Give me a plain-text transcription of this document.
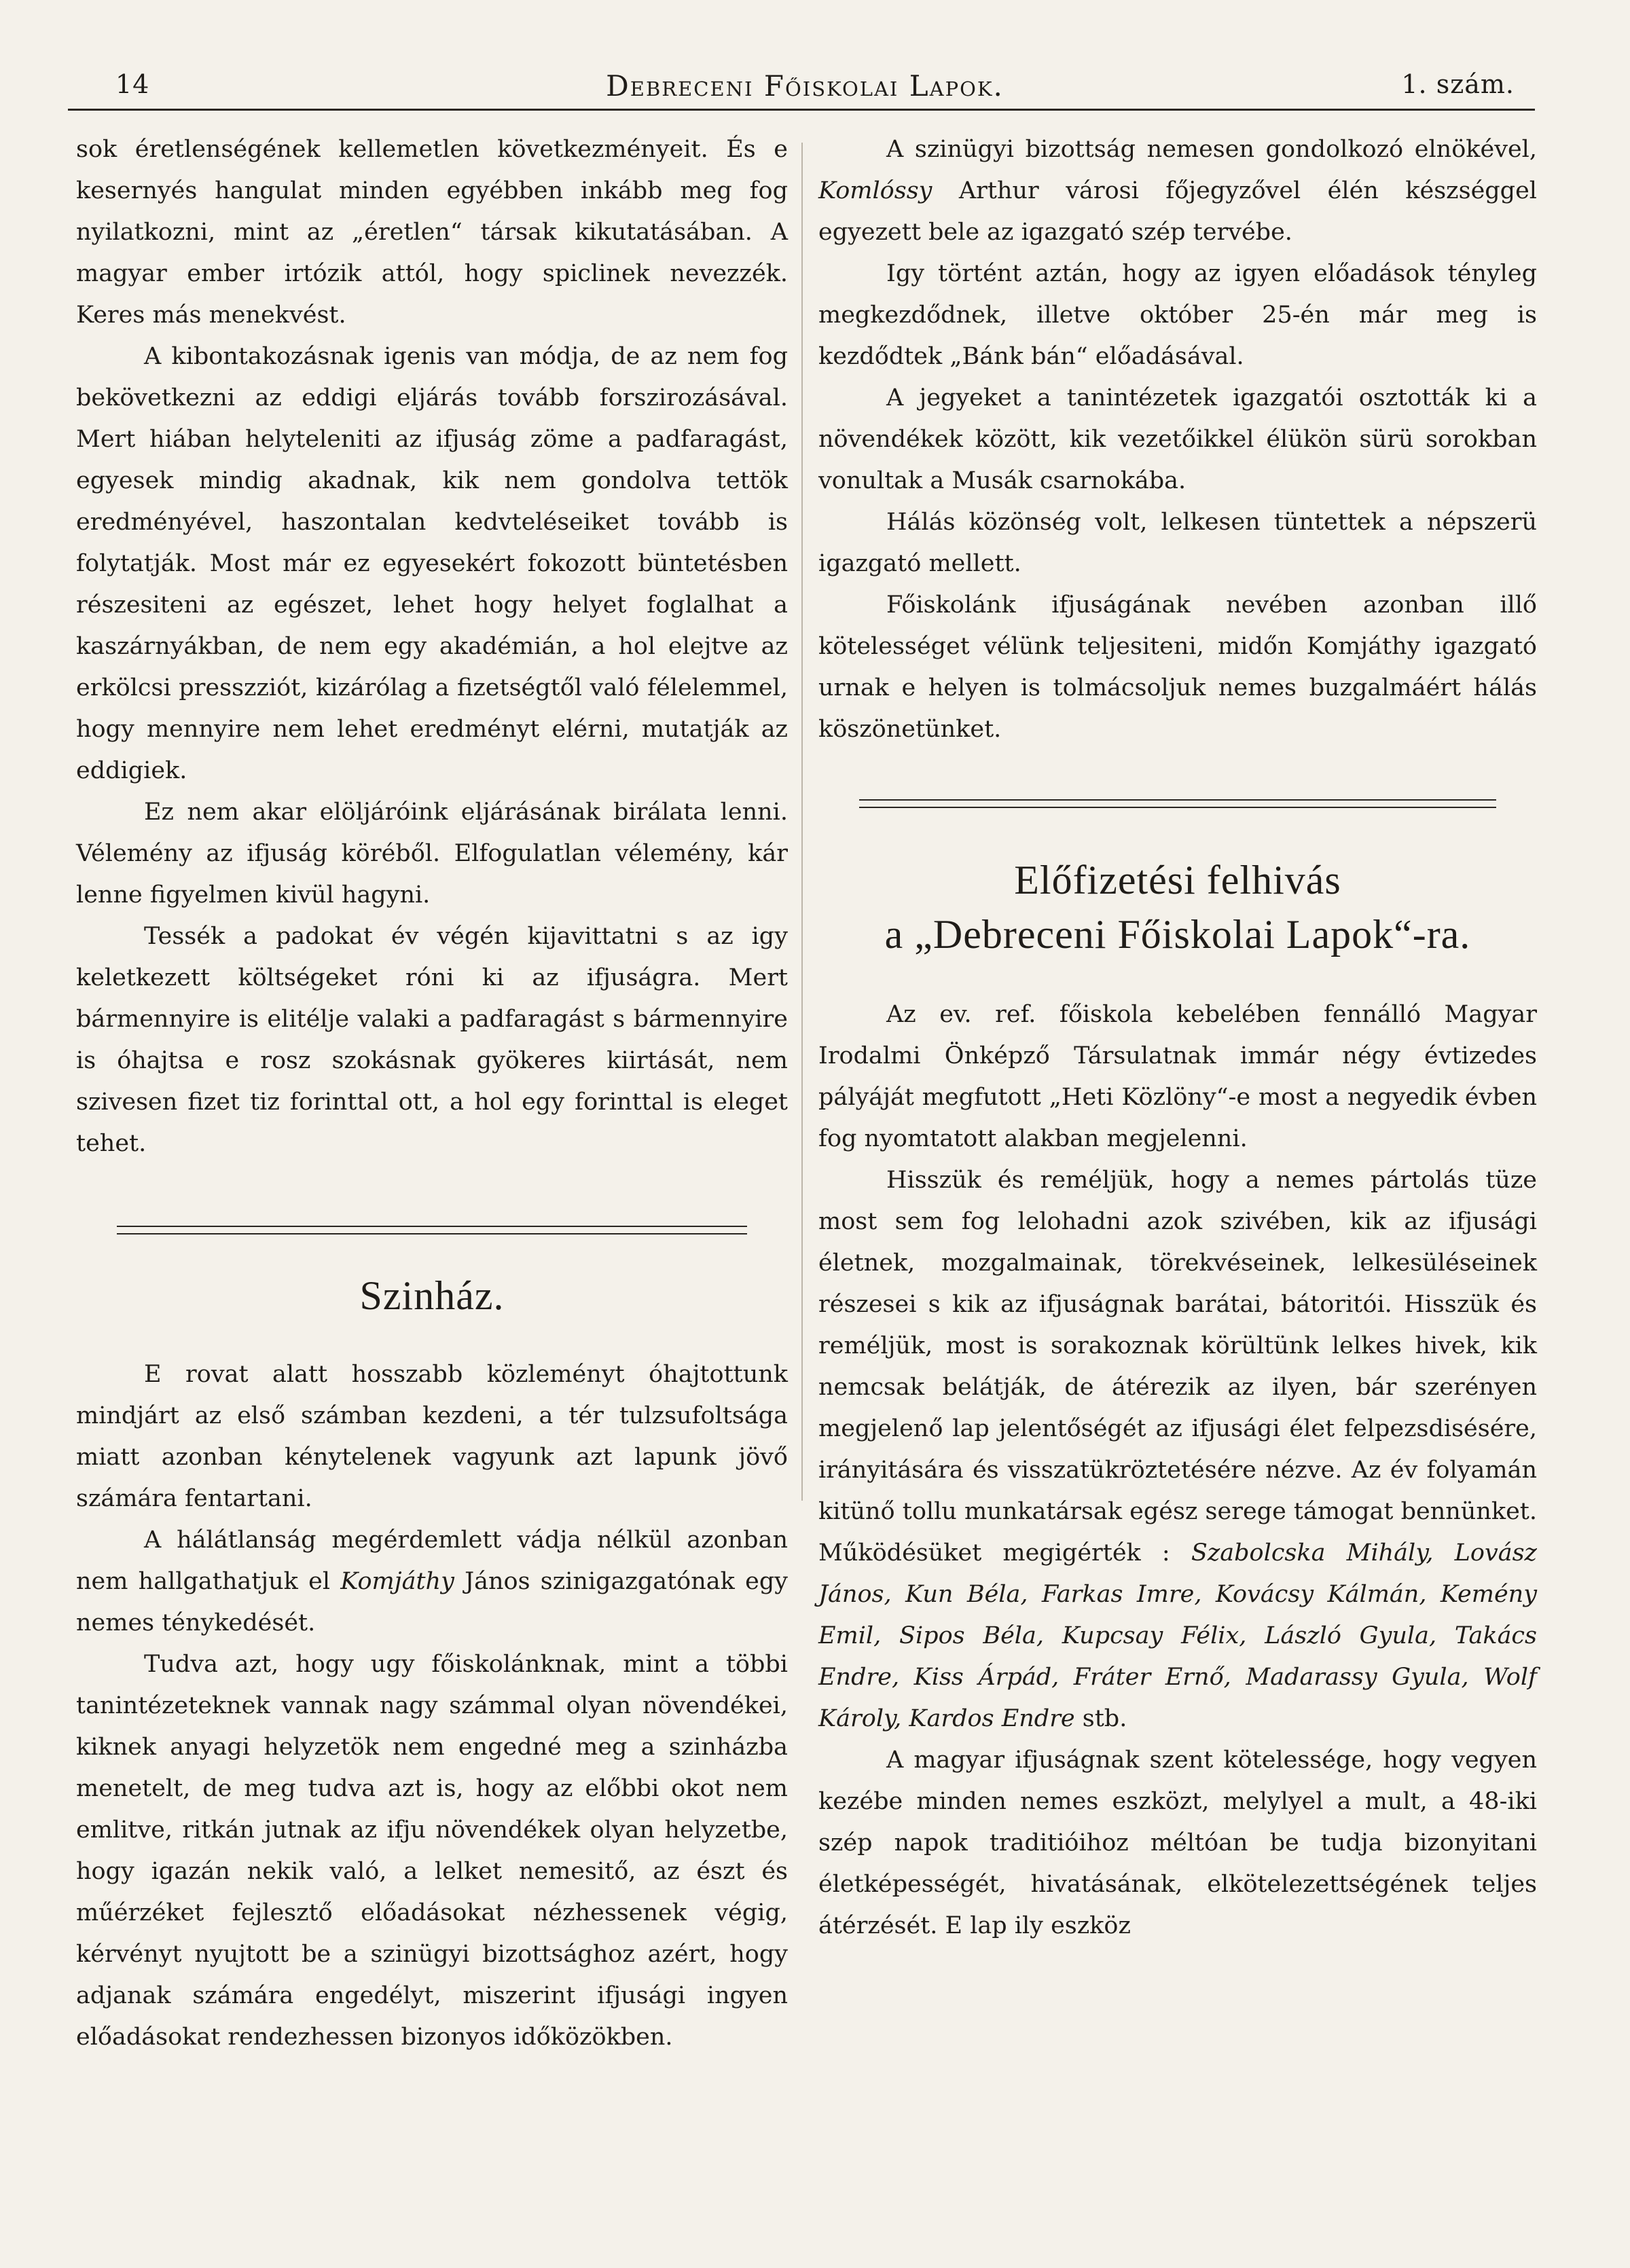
14	Debreceni Főiskolai Lapok.	1. szám.

sok éretlenségének kellemetlen következményeit. És e kesernyés hangulat minden egyébben inkább meg fog nyilatkozni, mint az „éretlen“ társak kikutatásában. A magyar ember irtózik attól, hogy spiclinek nevezzék. Keres más menekvést.

A kibontakozásnak igenis van módja, de az nem fog bekövetkezni az eddigi eljárás tovább forszirozásával. Mert hiában helyteleniti az ifjuság zöme a padfaragást, egyesek mindig akadnak, kik nem gondolva tettök eredményével, haszontalan kedvteléseiket tovább is folytatják. Most már ez egyesekért fokozott büntetésben részesiteni az egészet, lehet hogy helyet foglalhat a kaszárnyákban, de nem egy akadémián, a hol elejtve az erkölcsi presszziót, kizárólag a fizetségtől való félelemmel, hogy mennyire nem lehet eredményt elérni, mutatják az eddigiek.

Ez nem akar elöljáróink eljárásának birálata lenni. Vélemény az ifjuság köréből. Elfogulatlan vélemény, kár lenne figyelmen kivül hagyni.

Tessék a padokat év végén kijavittatni s az igy keletkezett költségeket róni ki az ifjuságra. Mert bármennyire is elitélje valaki a padfaragást s bármennyire is óhajtsa e rosz szokásnak gyökeres kiirtását, nem szivesen fizet tiz forinttal ott, a hol egy forinttal is eleget tehet.

Szinház.

E rovat alatt hosszabb közleményt óhajtottunk mindjárt az első számban kezdeni, a tér tulzsufoltsága miatt azonban kénytelenek vagyunk azt lapunk jövő számára fentartani.

A hálátlanság megérdemlett vádja nélkül azonban nem hallgathatjuk el Komjáthy János szinigazgatónak egy nemes ténykedését.

Tudva azt, hogy ugy főiskolánknak, mint a többi tanintézeteknek vannak nagy számmal olyan növendékei, kiknek anyagi helyzetök nem engedné meg a szinházba menetelt, de meg tudva azt is, hogy az előbbi okot nem emlitve, ritkán jutnak az ifju növendékek olyan helyzetbe, hogy igazán nekik való, a lelket nemesitő, az észt és műérzéket fejlesztő előadásokat nézhessenek végig, kérvényt nyujtott be a szinügyi bizottsághoz azért, hogy adjanak számára engedélyt, miszerint ifjusági ingyen előadásokat rendezhessen bizonyos időközökben.

A szinügyi bizottság nemesen gondolkozó elnökével, Komlóssy Arthur városi főjegyzővel élén készséggel egyezett bele az igazgató szép tervébe.

Igy történt aztán, hogy az igyen előadások tényleg megkezdődnek, illetve október 25-én már meg is kezdődtek „Bánk bán“ előadásával.

A jegyeket a tanintézetek igazgatói osztották ki a növendékek között, kik vezetőikkel élükön sürü sorokban vonultak a Musák csarnokába.

Hálás közönség volt, lelkesen tüntettek a népszerü igazgató mellett.

Főiskolánk ifjuságának nevében azonban illő kötelességet vélünk teljesiteni, midőn Komjáthy igazgató urnak e helyen is tolmácsoljuk nemes buzgalmáért hálás köszönetünket.

Előfizetési felhivás
a „Debreceni Főiskolai Lapok“-ra.

Az ev. ref. főiskola kebelében fennálló Magyar Irodalmi Önképző Társulatnak immár négy évtizedes pályáját megfutott „Heti Közlöny“-e most a negyedik évben fog nyomtatott alakban megjelenni.

Hisszük és reméljük, hogy a nemes pártolás tüze most sem fog lelohadni azok szivében, kik az ifjusági életnek, mozgalmainak, törekvéseinek, lelkesüléseinek részesei s kik az ifjuságnak barátai, bátoritói. Hisszük és reméljük, most is sorakoznak körültünk lelkes hivek, kik nemcsak belátják, de átérezik az ilyen, bár szerényen megjelenő lap jelentőségét az ifjusági élet felpezsdisésére, irányitására és visszatükröztetésére nézve. Az év folyamán kitünő tollu munkatársak egész serege támogat bennünket. Működésüket megigérték : Szabolcska Mihály, Lovász János, Kun Béla, Farkas Imre, Kovácsy Kálmán, Kemény Emil, Sipos Béla, Kupcsay Félix, László Gyula, Takács Endre, Kiss Árpád, Fráter Ernő, Madarassy Gyula, Wolf Károly, Kardos Endre stb.

A magyar ifjuságnak szent kötelessége, hogy vegyen kezébe minden nemes eszközt, melylyel a mult, a 48-iki szép napok traditióihoz méltóan be tudja bizonyitani életképességét, hivatásának, elkötelezettségének teljes átérzését. E lap ily eszköz
